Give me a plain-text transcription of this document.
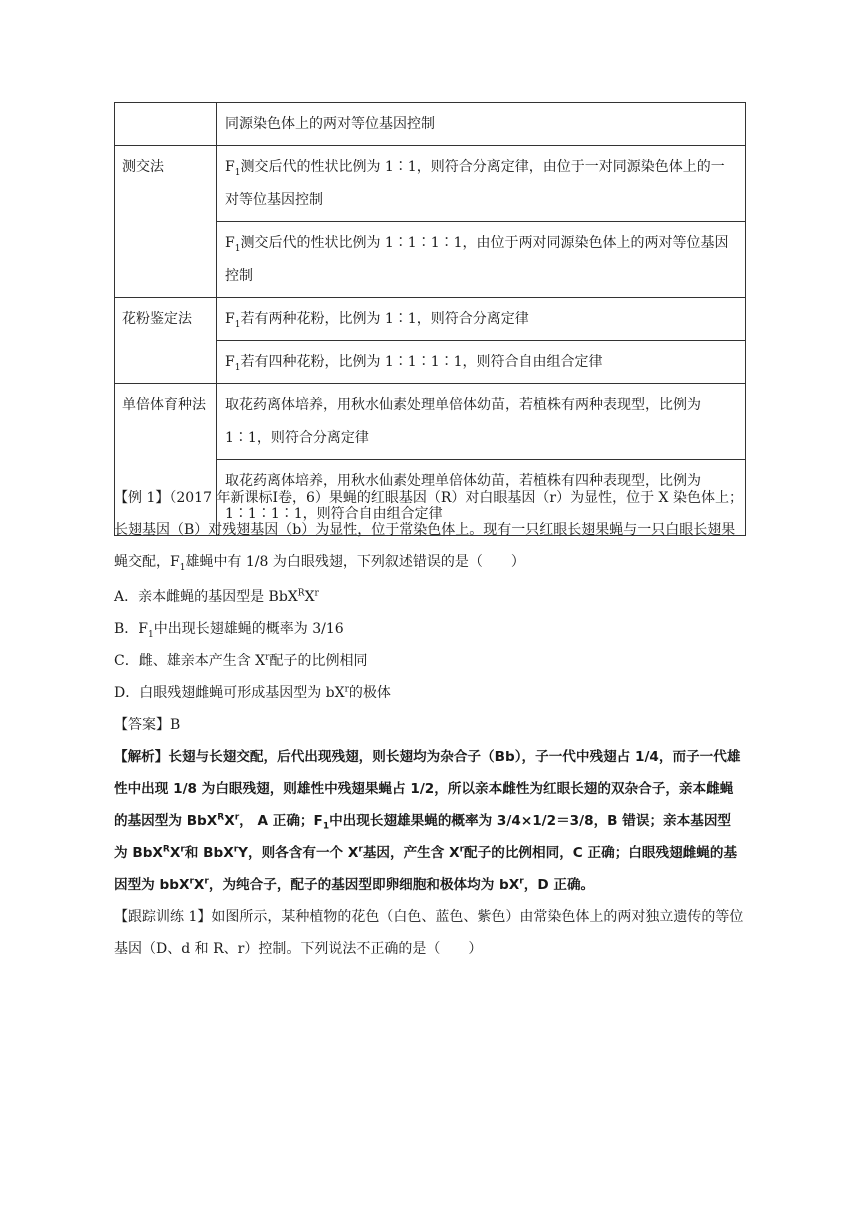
	同源染色体上的两对等位基因控制
测交法	$F_1$测交后代的性状比例为 1∶1，则符合分离定律，由位于一对同源染色体上的一对等位基因控制
	$F_1$测交后代的性状比例为 1∶1∶1∶1，由位于两对同源染色体上的两对等位基因控制
花粉鉴定法	$F_1$若有两种花粉，比例为 1∶1，则符合分离定律
	$F_1$若有四种花粉，比例为 1∶1∶1∶1，则符合自由组合定律
单倍体育种法	取花药离体培养，用秋水仙素处理单倍体幼苗，若植株有两种表现型，比例为 1∶1，则符合分离定律
	取花药离体培养，用秋水仙素处理单倍体幼苗，若植株有四种表现型，比例为 1∶1∶1∶1，则符合自由组合定律

【例 1】（2017 年新课标Ⅰ卷，6）果蝇的红眼基因（R）对白眼基因（r）为显性，位于 X 染色体上；长翅基因（B）对残翅基因（b）为显性，位于常染色体上。现有一只红眼长翅果蝇与一只白眼长翅果蝇交配，$F_1$雄蝇中有 1/8 为白眼残翅，下列叙述错误的是（　　）

A．亲本雌蝇的基因型是 $BbX^RX^r$

B．$F_1$中出现长翅雄蝇的概率为 3/16

C．雌、雄亲本产生含 $X^r$配子的比例相同

D．白眼残翅雌蝇可形成基因型为 $bX^r$的极体

【答案】B

【解析】长翅与长翅交配，后代出现残翅，则长翅均为杂合子（Bb），子一代中残翅占 1/4，而子一代雄性中出现 1/8 为白眼残翅，则雄性中残翅果蝇占 1/2，所以亲本雌性为红眼长翅的双杂合子，亲本雌蝇的基因型为 $BbX^RX^r$， A 正确；$F_1$中出现长翅雄果蝇的概率为 3/4×1/2＝3/8，B 错误；亲本基因型为 $BbX^RX^r$和 BbX$^r$Y，则各含有一个 $X^r$基因，产生含 $X^r$配子的比例相同，C 正确；白眼残翅雌蝇的基因型为 $bbX^rX^r$，为纯合子，配子的基因型即卵细胞和极体均为 $bX^r$，D 正确。

【跟踪训练 1】如图所示，某种植物的花色（白色、蓝色、紫色）由常染色体上的两对独立遗传的等位基因（D、d 和 R、r）控制。下列说法不正确的是（　　）
